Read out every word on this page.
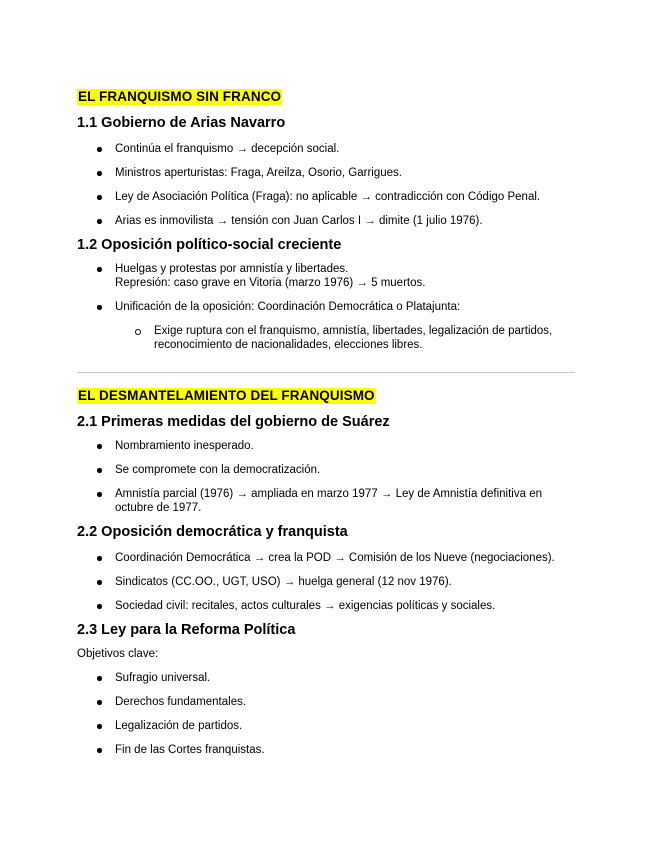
EL FRANQUISMO SIN FRANCO
1.1 Gobierno de Arias Navarro
Continúa el franquismo → decepción social.
Ministros aperturistas: Fraga, Areilza, Osorio, Garrigues.
Ley de Asociación Política (Fraga): no aplicable → contradicción con Código Penal.
Arias es inmovilista → tensión con Juan Carlos I → dimite (1 julio 1976).
1.2 Oposición político-social creciente
Huelgas y protestas por amnistía y libertades.
Represión: caso grave en Vitoria (marzo 1976) → 5 muertos.
Unificación de la oposición: Coordinación Democrática o Platajunta:
Exige ruptura con el franquismo, amnistía, libertades, legalización de partidos,
reconocimiento de nacionalidades, elecciones libres.
EL DESMANTELAMIENTO DEL FRANQUISMO
2.1 Primeras medidas del gobierno de Suárez
Nombramiento inesperado.
Se compromete con la democratización.
Amnistía parcial (1976) → ampliada en marzo 1977 → Ley de Amnistía definitiva en
octubre de 1977.
2.2 Oposición democrática y franquista
Coordinación Democrática → crea la POD → Comisión de los Nueve (negociaciones).
Sindicatos (CC.OO., UGT, USO) → huelga general (12 nov 1976).
Sociedad civil: recitales, actos culturales → exigencias políticas y sociales.
2.3 Ley para la Reforma Política

Objetivos clave:

Sufragio universal.
Derechos fundamentales.
Legalización de partidos.
Fin de las Cortes franquistas.
